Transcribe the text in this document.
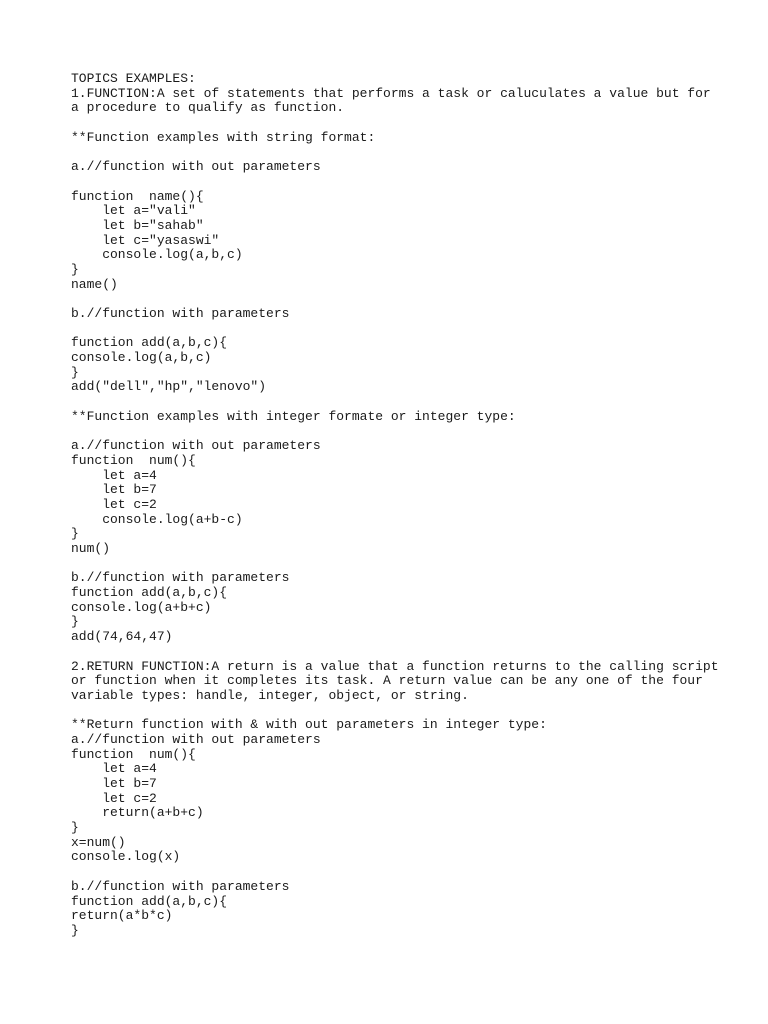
TOPICS EXAMPLES:
1.FUNCTION:A set of statements that performs a task or caluculates a value but for
a procedure to qualify as function.
**Function examples with string format:
a.//function with out parameters
function  name(){
let a="vali"
let b="sahab"
let c="yasaswi"
console.log(a,b,c)
}
name()
b.//function with parameters
function add(a,b,c){
console.log(a,b,c)
}
add("dell","hp","lenovo")
**Function examples with integer formate or integer type:
a.//function with out parameters
function  num(){
let a=4
let b=7
let c=2
console.log(a+b-c)
}
num()
b.//function with parameters
function add(a,b,c){
console.log(a+b+c)
}
add(74,64,47)
2.RETURN FUNCTION:A return is a value that a function returns to the calling script
or function when it completes its task. A return value can be any one of the four
variable types: handle, integer, object, or string.
**Return function with & with out parameters in integer type:
a.//function with out parameters
function  num(){
let a=4
let b=7
let c=2
return(a+b+c)
}
x=num()
console.log(x)
b.//function with parameters
function add(a,b,c){
return(a*b*c)
}
